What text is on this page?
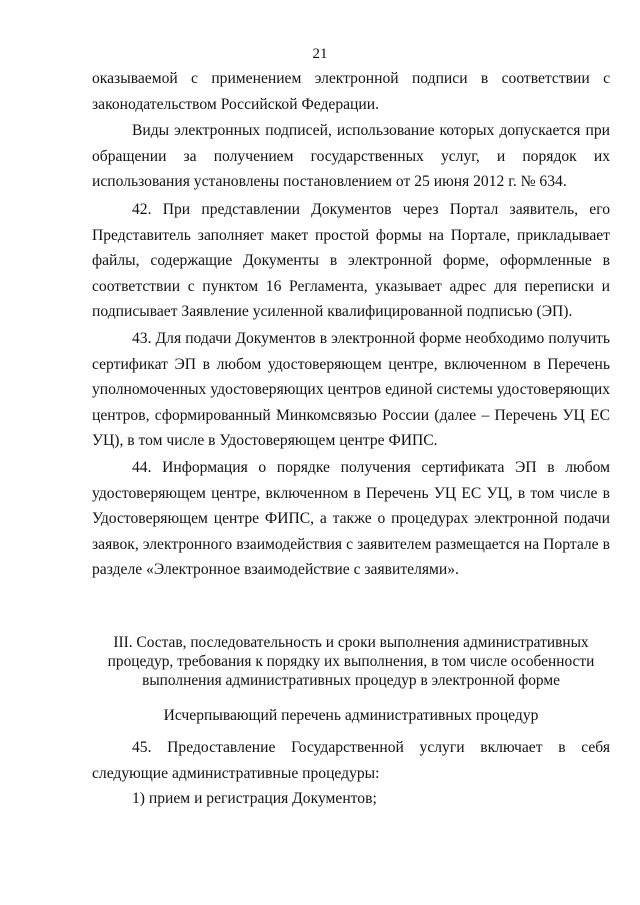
21

оказываемой с применением электронной подписи в соответствии с законодательством Российской Федерации.

Виды электронных подписей, использование которых допускается при обращении за получением государственных услуг, и порядок их использования установлены постановлением от 25 июня 2012 г. № 634.

42. При представлении Документов через Портал заявитель, его Представитель заполняет макет простой формы на Портале, прикладывает файлы, содержащие Документы в электронной форме, оформленные в соответствии с пунктом 16 Регламента, указывает адрес для переписки и подписывает Заявление усиленной квалифицированной подписью (ЭП).

43. Для подачи Документов в электронной форме необходимо получить сертификат ЭП в любом удостоверяющем центре, включенном в Перечень уполномоченных удостоверяющих центров единой системы удостоверяющих центров, сформированный Минкомсвязью России (далее – Перечень УЦ ЕС УЦ), в том числе в Удостоверяющем центре ФИПС.

44. Информация о порядке получения сертификата ЭП в любом удостоверяющем центре, включенном в Перечень УЦ ЕС УЦ, в том числе в Удостоверяющем центре ФИПС, а также о процедурах электронной подачи заявок, электронного взаимодействия с заявителем размещается на Портале в разделе «Электронное взаимодействие с заявителями».

III. Состав, последовательность и сроки выполнения административных процедур, требования к порядку их выполнения, в том числе особенности выполнения административных процедур в электронной форме

Исчерпывающий перечень административных процедур

45. Предоставление Государственной услуги включает в себя следующие административные процедуры:

1) прием и регистрация Документов;
